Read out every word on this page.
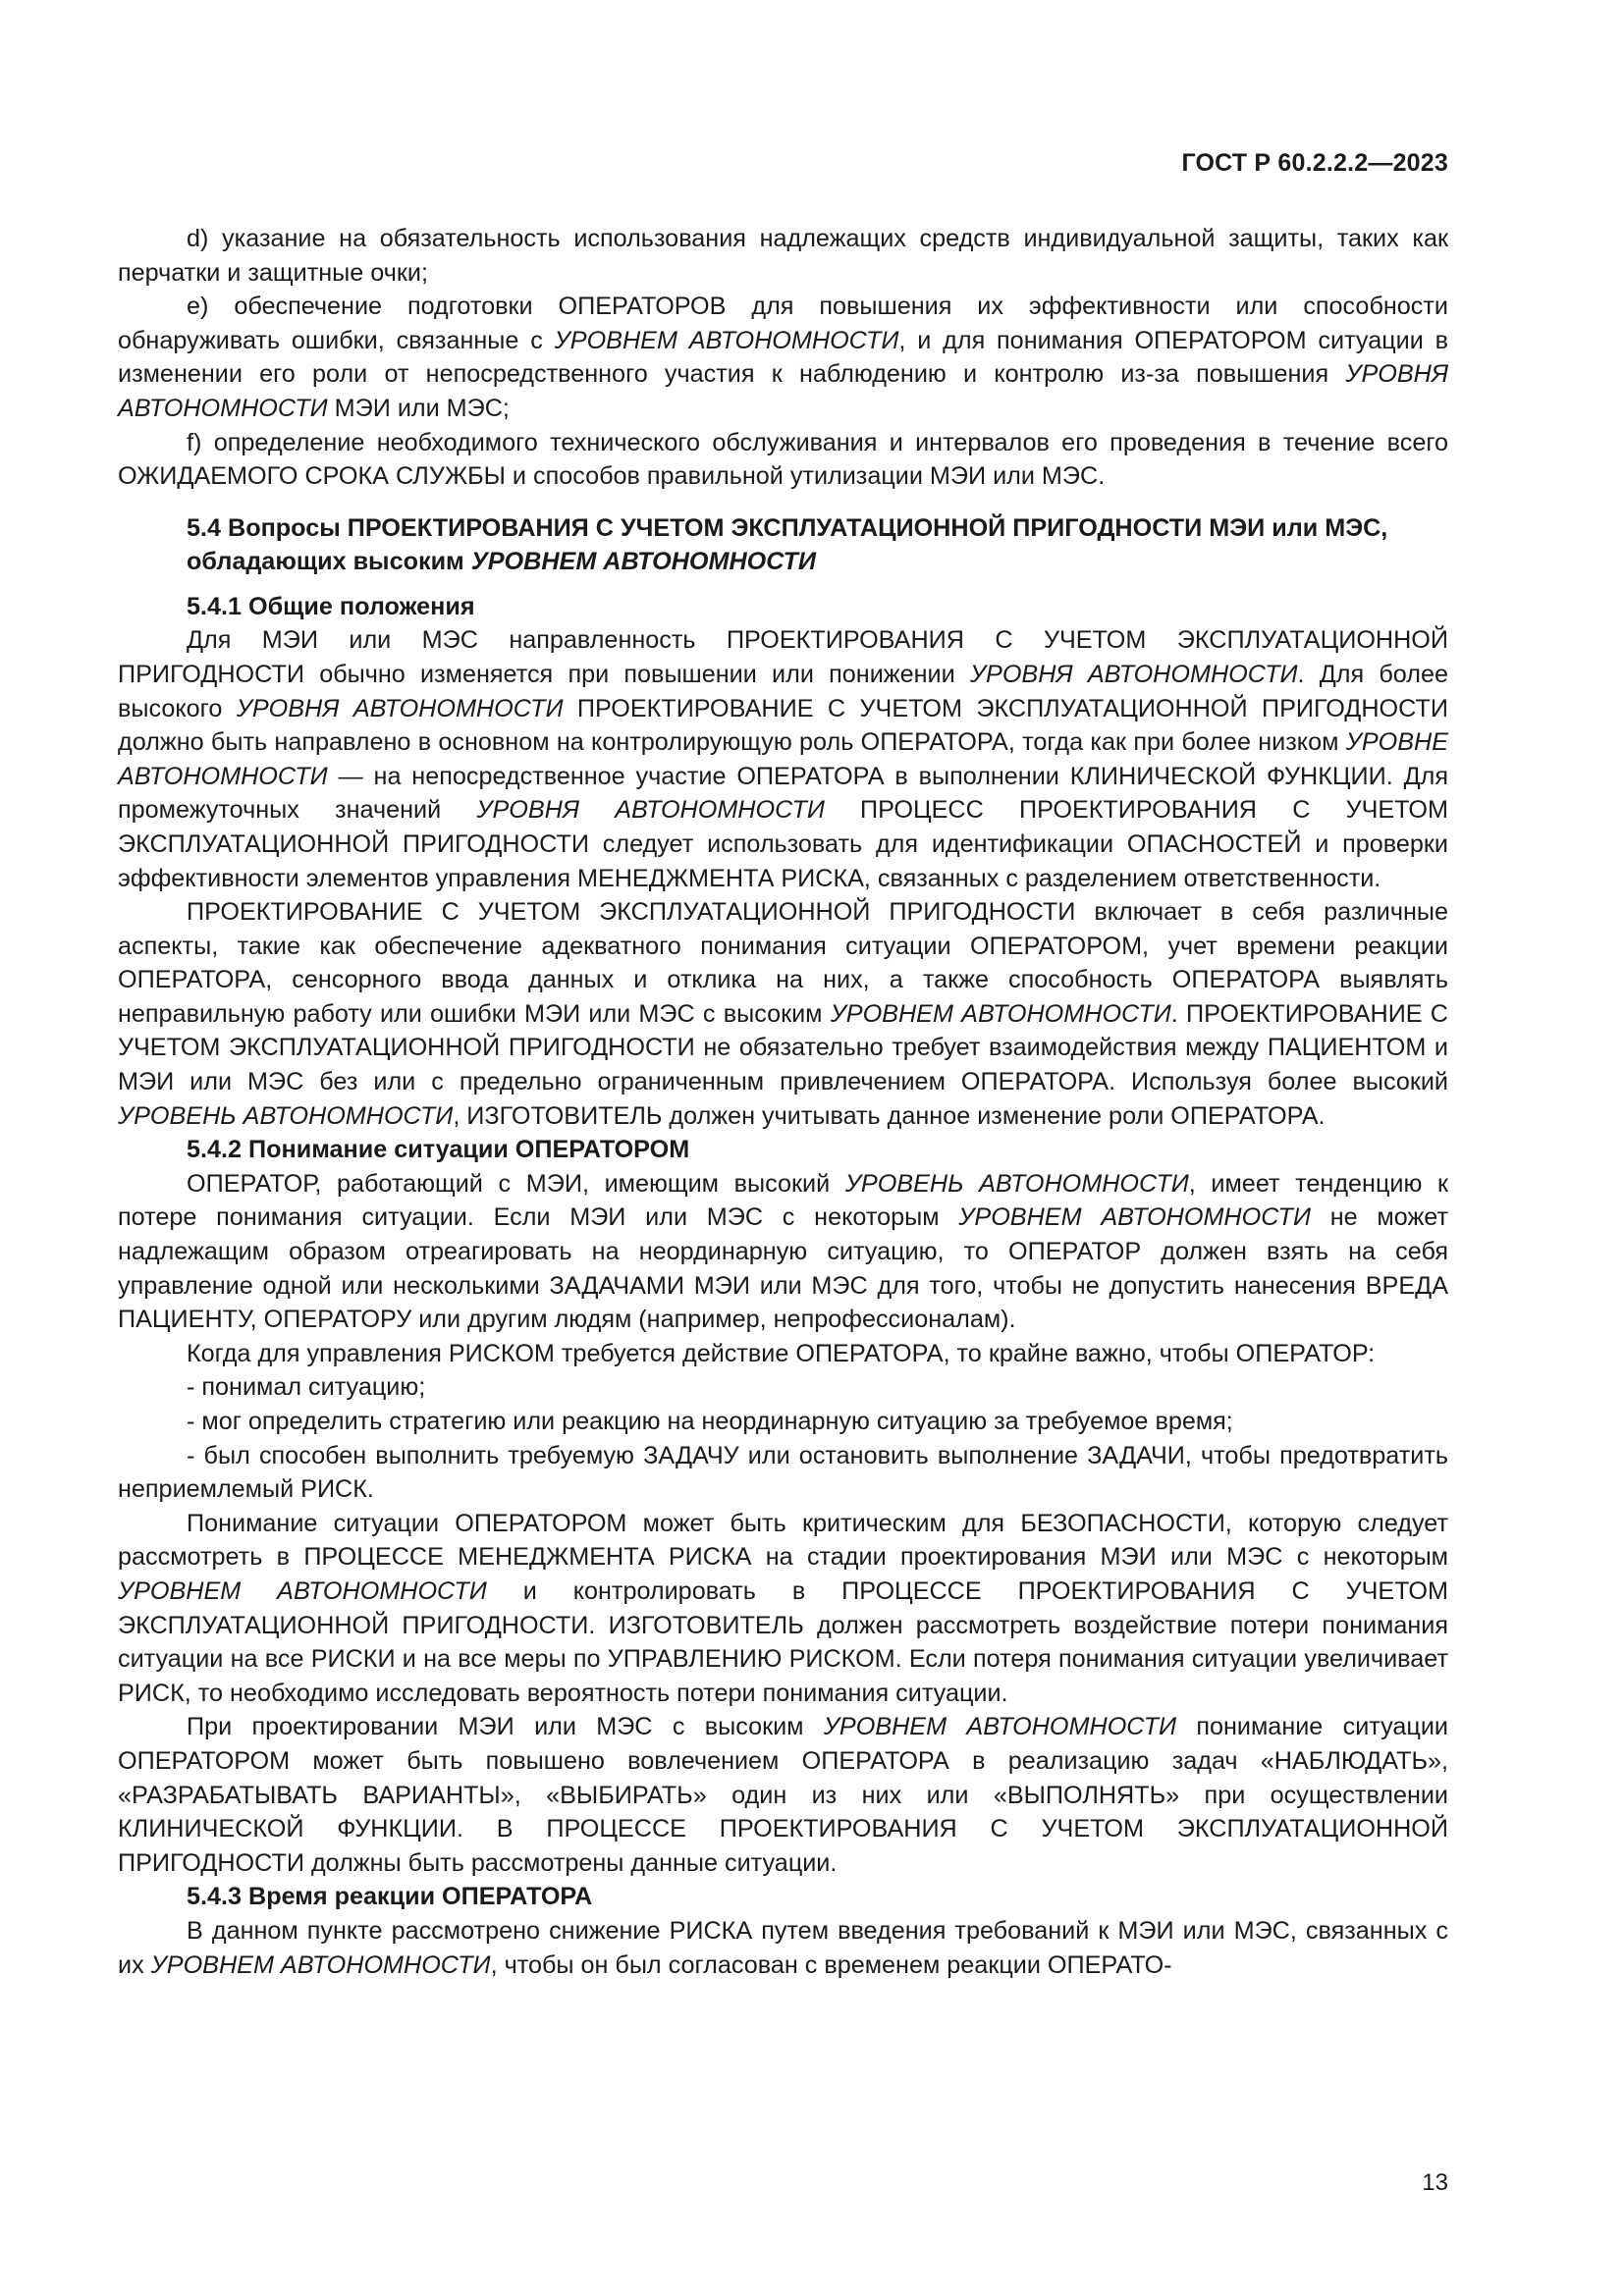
ГОСТ Р 60.2.2.2—2023

d) указание на обязательность использования надлежащих средств индивидуальной защиты, таких как перчатки и защитные очки;

e) обеспечение подготовки ОПЕРАТОРОВ для повышения их эффективности или способности обнаруживать ошибки, связанные с УРОВНЕМ АВТОНОМНОСТИ, и для понимания ОПЕРАТОРОМ ситуации в изменении его роли от непосредственного участия к наблюдению и контролю из-за повышения УРОВНЯ АВТОНОМНОСТИ МЭИ или МЭС;

f) определение необходимого технического обслуживания и интервалов его проведения в течение всего ОЖИДАЕМОГО СРОКА СЛУЖБЫ и способов правильной утилизации МЭИ или МЭС.

5.4 Вопросы ПРОЕКТИРОВАНИЯ С УЧЕТОМ ЭКСПЛУАТАЦИОННОЙ ПРИГОДНОСТИ МЭИ или МЭС, обладающих высоким УРОВНЕМ АВТОНОМНОСТИ

5.4.1 Общие положения

Для МЭИ или МЭС направленность ПРОЕКТИРОВАНИЯ С УЧЕТОМ ЭКСПЛУАТАЦИОННОЙ ПРИГОДНОСТИ обычно изменяется при повышении или понижении УРОВНЯ АВТОНОМНОСТИ. Для более высокого УРОВНЯ АВТОНОМНОСТИ ПРОЕКТИРОВАНИЕ С УЧЕТОМ ЭКСПЛУАТАЦИОННОЙ ПРИГОДНОСТИ должно быть направлено в основном на контролирующую роль ОПЕРАТОРА, тогда как при более низком УРОВНЕ АВТОНОМНОСТИ — на непосредственное участие ОПЕРАТОРА в выполнении КЛИНИЧЕСКОЙ ФУНКЦИИ. Для промежуточных значений УРОВНЯ АВТОНОМНОСТИ ПРОЦЕСС ПРОЕКТИРОВАНИЯ С УЧЕТОМ ЭКСПЛУАТАЦИОННОЙ ПРИГОДНОСТИ следует использовать для идентификации ОПАСНОСТЕЙ и проверки эффективности элементов управления МЕНЕДЖМЕНТА РИСКА, связанных с разделением ответственности.

ПРОЕКТИРОВАНИЕ С УЧЕТОМ ЭКСПЛУАТАЦИОННОЙ ПРИГОДНОСТИ включает в себя различные аспекты, такие как обеспечение адекватного понимания ситуации ОПЕРАТОРОМ, учет времени реакции ОПЕРАТОРА, сенсорного ввода данных и отклика на них, а также способность ОПЕРАТОРА выявлять неправильную работу или ошибки МЭИ или МЭС с высоким УРОВНЕМ АВТОНОМНОСТИ. ПРОЕКТИРОВАНИЕ С УЧЕТОМ ЭКСПЛУАТАЦИОННОЙ ПРИГОДНОСТИ не обязательно требует взаимодействия между ПАЦИЕНТОМ и МЭИ или МЭС без или с предельно ограниченным привлечением ОПЕРАТОРА. Используя более высокий УРОВЕНЬ АВТОНОМНОСТИ, ИЗГОТОВИТЕЛЬ должен учитывать данное изменение роли ОПЕРАТОРА.

5.4.2 Понимание ситуации ОПЕРАТОРОМ

ОПЕРАТОР, работающий с МЭИ, имеющим высокий УРОВЕНЬ АВТОНОМНОСТИ, имеет тенденцию к потере понимания ситуации. Если МЭИ или МЭС с некоторым УРОВНЕМ АВТОНОМНОСТИ не может надлежащим образом отреагировать на неординарную ситуацию, то ОПЕРАТОР должен взять на себя управление одной или несколькими ЗАДАЧАМИ МЭИ или МЭС для того, чтобы не допустить нанесения ВРЕДА ПАЦИЕНТУ, ОПЕРАТОРУ или другим людям (например, непрофессионалам).

Когда для управления РИСКОМ требуется действие ОПЕРАТОРА, то крайне важно, чтобы ОПЕРАТОР:

- понимал ситуацию;

- мог определить стратегию или реакцию на неординарную ситуацию за требуемое время;

- был способен выполнить требуемую ЗАДАЧУ или остановить выполнение ЗАДАЧИ, чтобы предотвратить неприемлемый РИСК.

Понимание ситуации ОПЕРАТОРОМ может быть критическим для БЕЗОПАСНОСТИ, которую следует рассмотреть в ПРОЦЕССЕ МЕНЕДЖМЕНТА РИСКА на стадии проектирования МЭИ или МЭС с некоторым УРОВНЕМ АВТОНОМНОСТИ и контролировать в ПРОЦЕССЕ ПРОЕКТИРОВАНИЯ С УЧЕТОМ ЭКСПЛУАТАЦИОННОЙ ПРИГОДНОСТИ. ИЗГОТОВИТЕЛЬ должен рассмотреть воздействие потери понимания ситуации на все РИСКИ и на все меры по УПРАВЛЕНИЮ РИСКОМ. Если потеря понимания ситуации увеличивает РИСК, то необходимо исследовать вероятность потери понимания ситуации.

При проектировании МЭИ или МЭС с высоким УРОВНЕМ АВТОНОМНОСТИ понимание ситуации ОПЕРАТОРОМ может быть повышено вовлечением ОПЕРАТОРА в реализацию задач «НАБЛЮДАТЬ», «РАЗРАБАТЫВАТЬ ВАРИАНТЫ», «ВЫБИРАТЬ» один из них или «ВЫПОЛНЯТЬ» при осуществлении КЛИНИЧЕСКОЙ ФУНКЦИИ. В ПРОЦЕССЕ ПРОЕКТИРОВАНИЯ С УЧЕТОМ ЭКСПЛУАТАЦИОННОЙ ПРИГОДНОСТИ должны быть рассмотрены данные ситуации.

5.4.3 Время реакции ОПЕРАТОРА

В данном пункте рассмотрено снижение РИСКА путем введения требований к МЭИ или МЭС, связанных с их УРОВНЕМ АВТОНОМНОСТИ, чтобы он был согласован с временем реакции ОПЕРАТО-

13
